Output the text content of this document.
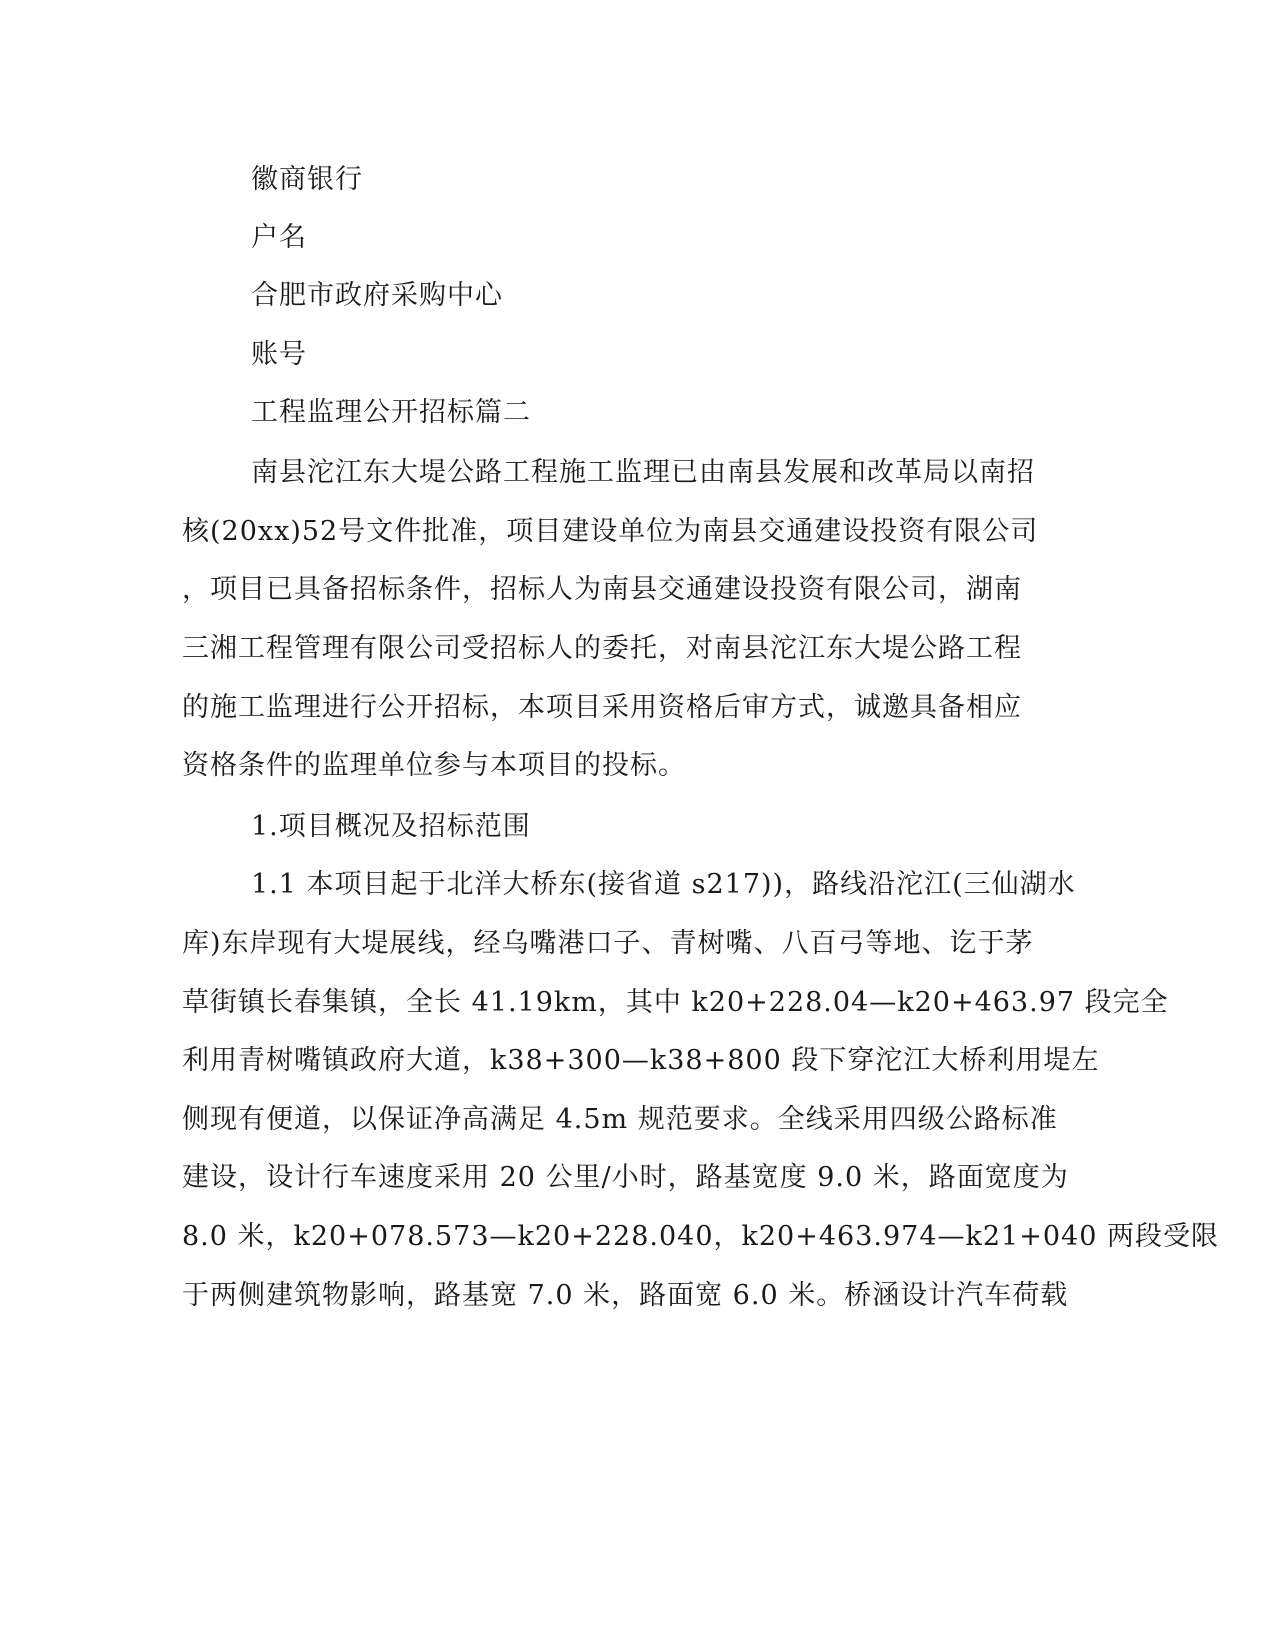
徽商银行
户名
合肥市政府采购中心
账号
工程监理公开招标篇二
南县沱江东大堤公路工程施工监理已由南县发展和改革局以南招
核(20xx)52号文件批准，项目建设单位为南县交通建设投资有限公司
，项目已具备招标条件，招标人为南县交通建设投资有限公司，湖南
三湘工程管理有限公司受招标人的委托，对南县沱江东大堤公路工程
的施工监理进行公开招标，本项目采用资格后审方式，诚邀具备相应
资格条件的监理单位参与本项目的投标。
1.项目概况及招标范围
1.1 本项目起于北洋大桥东(接省道 s217))，路线沿沱江(三仙湖水
库)东岸现有大堤展线，经乌嘴港口子、青树嘴、八百弓等地、讫于茅
草街镇长春集镇，全长 41.19km，其中 k20+228.04—k20+463.97 段完全
利用青树嘴镇政府大道，k38+300—k38+800 段下穿沱江大桥利用堤左
侧现有便道，以保证净高满足 4.5m 规范要求。全线采用四级公路标准
建设，设计行车速度采用 20 公里/小时，路基宽度 9.0 米，路面宽度为
8.0 米，k20+078.573—k20+228.040，k20+463.974—k21+040 两段受限
于两侧建筑物影响，路基宽 7.0 米，路面宽 6.0 米。桥涵设计汽车荷载
